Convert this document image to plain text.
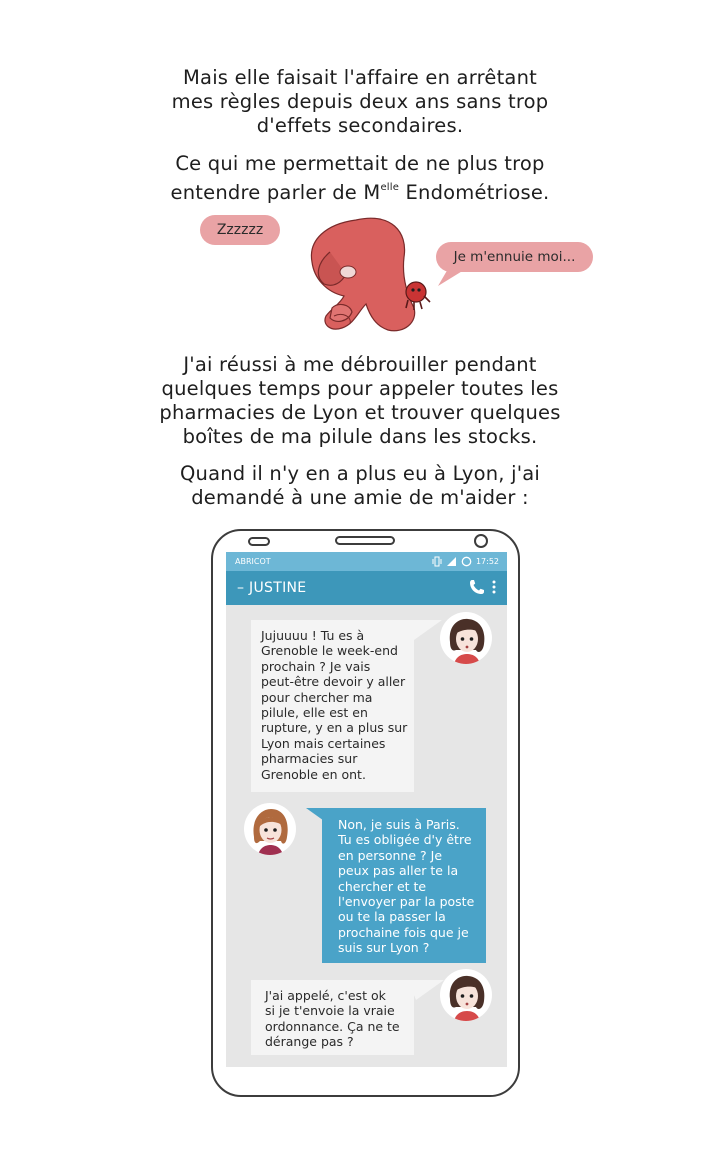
Mais elle faisait l'affaire en arrêtant
mes règles depuis deux ans sans trop
d'effets secondaires.
Ce qui me permettait de ne plus trop
entendre parler de $M^{elle}$ Endométriose.
Zzzzzz
Je m'ennuie moi...
J'ai réussi à me débrouiller pendant
quelques temps pour appeler toutes les
pharmacies de Lyon et trouver quelques
boîtes de ma pilule dans les stocks.
Quand il n'y en a plus eu à Lyon, j'ai
demandé à une amie de m'aider :
ABRICOT	17:52
– JUSTINE
Jujuuuu ! Tu es à
Grenoble le week-end
prochain ? Je vais
peut-être devoir y aller
pour chercher ma
pilule, elle est en
rupture, y en a plus sur
Lyon mais certaines
pharmacies sur
Grenoble en ont.
Non, je suis à Paris.
Tu es obligée d'y être
en personne ? Je
peux pas aller te la
chercher et te
l'envoyer par la poste
ou te la passer la
prochaine fois que je
suis sur Lyon ?
J'ai appelé, c'est ok
si je t'envoie la vraie
ordonnance. Ça ne te
dérange pas ?
